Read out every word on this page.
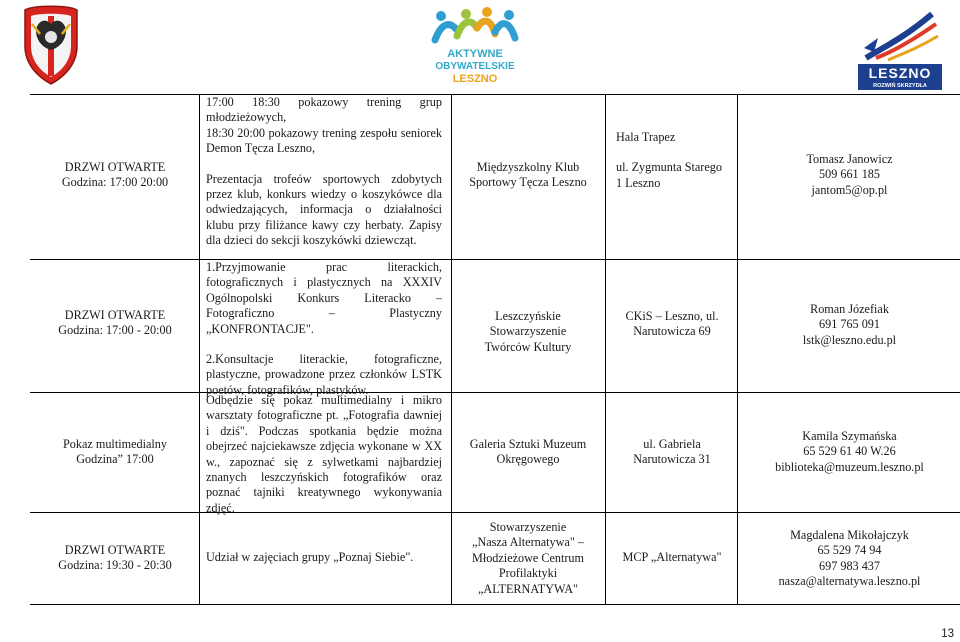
AKTYWNE
OBYWATELSKIE
LESZNO	LESZNO
ROZWIŃ SKRZYDŁA
DRZWI OTWARTE
Godzina: 17:00 20:00
17:00 18:30 pokazowy trening grup młodzieżowych,
18:30 20:00 pokazowy trening zespołu seniorek Demon Tęcza Leszno,
Prezentacja trofeów sportowych zdobytych przez klub, konkurs wiedzy o koszykówce dla odwiedzających, informacja o działalności klubu przy filiżance kawy czy herbaty. Zapisy dla dzieci do sekcji koszykówki dziewcząt.
Międzyszkolny Klub
Sportowy Tęcza Leszno
Hala Trapez
ul. Zygmunta Starego
1 Leszno
Tomasz Janowicz
509 661 185
jantom5@op.pl
DRZWI OTWARTE
Godzina: 17:00 - 20:00
1.Przyjmowanie prac literackich, fotograficznych i plastycznych na XXXIV Ogólnopolski Konkurs Literacko – Fotograficzno – Plastyczny „KONFRONTACJE".
2.Konsultacje literackie, fotograficzne, plastyczne, prowadzone przez członków LSTK poetów, fotografików, plastyków.
Leszczyńskie Stowarzyszenie
Twórców Kultury
CKiS – Leszno, ul.
Narutowicza 69
Roman Józefiak
691 765 091
lstk@leszno.edu.pl
Pokaz multimedialny
Godzina” 17:00
Odbędzie się pokaz multimedialny i mikro warsztaty fotograficzne pt. „Fotografia dawniej i dziś". Podczas spotkania będzie można obejrzeć najciekawsze zdjęcia wykonane w XX w., zapoznać się z sylwetkami najbardziej znanych leszczyńskich fotografików oraz poznać tajniki kreatywnego wykonywania zdjęć.
Galeria Sztuki Muzeum
Okręgowego
ul. Gabriela
Narutowicza 31
Kamila Szymańska
65 529 61 40 W.26
biblioteka@muzeum.leszno.pl
DRZWI OTWARTE
Godzina: 19:30 - 20:30
Udział w zajęciach grupy „Poznaj Siebie".
Stowarzyszenie
„Nasza Alternatywa" –
Młodzieżowe Centrum
Profilaktyki
„ALTERNATYWA"
MCP „Alternatywa"
Magdalena Mikołajczyk
65 529 74 94
697 983 437
nasza@alternatywa.leszno.pl
13
